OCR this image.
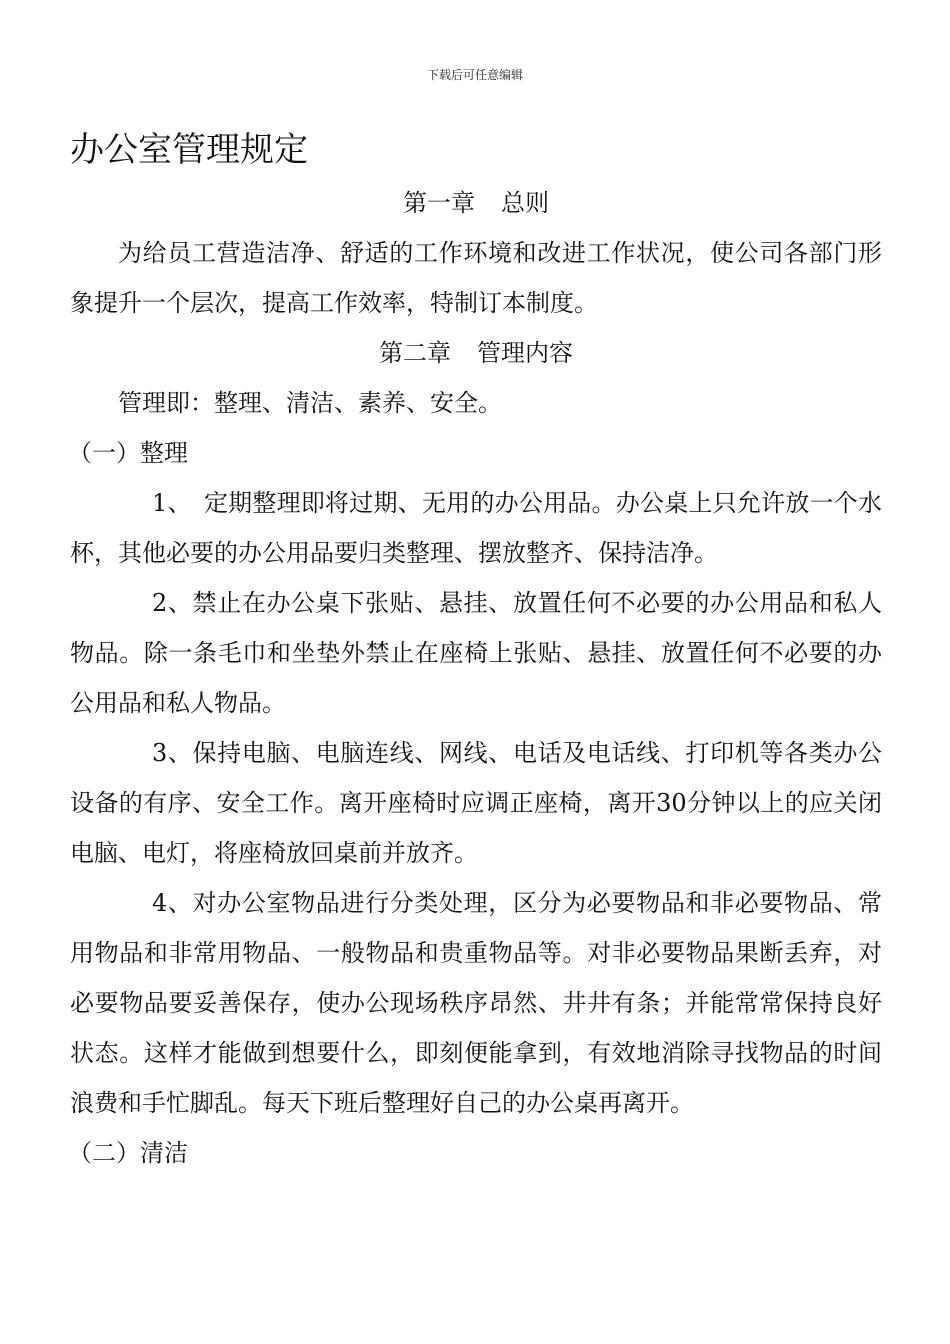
下载后可任意编辑
办公室管理规定
第一章 总则

为给员工营造洁净、舒适的工作环境和改进工作状况，使公司各部门形象提升一个层次，提高工作效率，特制订本制度。

第二章 管理内容

管理即：整理、清洁、素养、安全。

（一）整理

1、　定期整理即将过期、无用的办公用品。办公桌上只允许放一个水杯，其他必要的办公用品要归类整理、摆放整齐、保持洁净。

2、禁止在办公桌下张贴、悬挂、放置任何不必要的办公用品和私人物品。除一条毛巾和坐垫外禁止在座椅上张贴、悬挂、放置任何不必要的办公用品和私人物品。

3、保持电脑、电脑连线、网线、电话及电话线、打印机等各类办公设备的有序、安全工作。离开座椅时应调正座椅，离开30分钟以上的应关闭电脑、电灯，将座椅放回桌前并放齐。

4、对办公室物品进行分类处理，区分为必要物品和非必要物品、常用物品和非常用物品、一般物品和贵重物品等。对非必要物品果断丢弃，对必要物品要妥善保存，使办公现场秩序昂然、井井有条；并能常常保持良好状态。这样才能做到想要什么，即刻便能拿到，有效地消除寻找物品的时间浪费和手忙脚乱。每天下班后整理好自己的办公桌再离开。

（二）清洁
